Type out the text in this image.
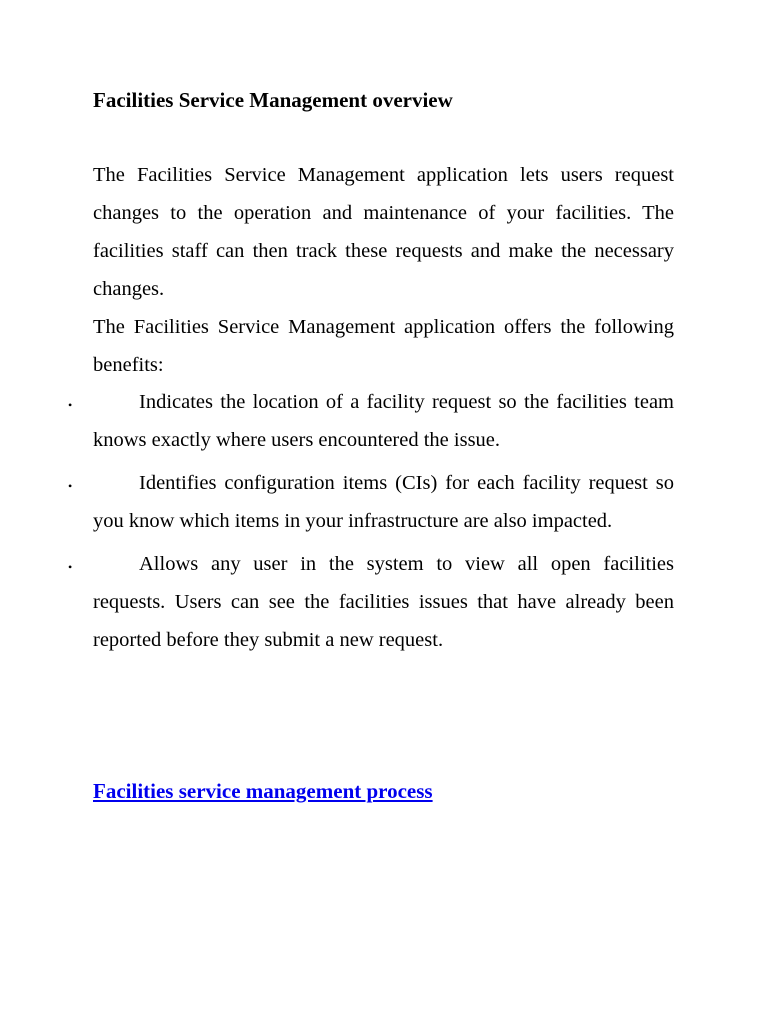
Facilities Service Management overview

The Facilities Service Management application lets users request changes to the operation and maintenance of your facilities. The facilities staff can then track these requests and make the necessary changes.

The Facilities Service Management application offers the following benefits:

•	Indicates the location of a facility request so the facilities team knows exactly where users encountered the issue.
•	Identifies configuration items (CIs) for each facility request so you know which items in your infrastructure are also impacted.
•	Allows any user in the system to view all open facilities requests. Users can see the facilities issues that have already been reported before they submit a new request.
Facilities service management process
